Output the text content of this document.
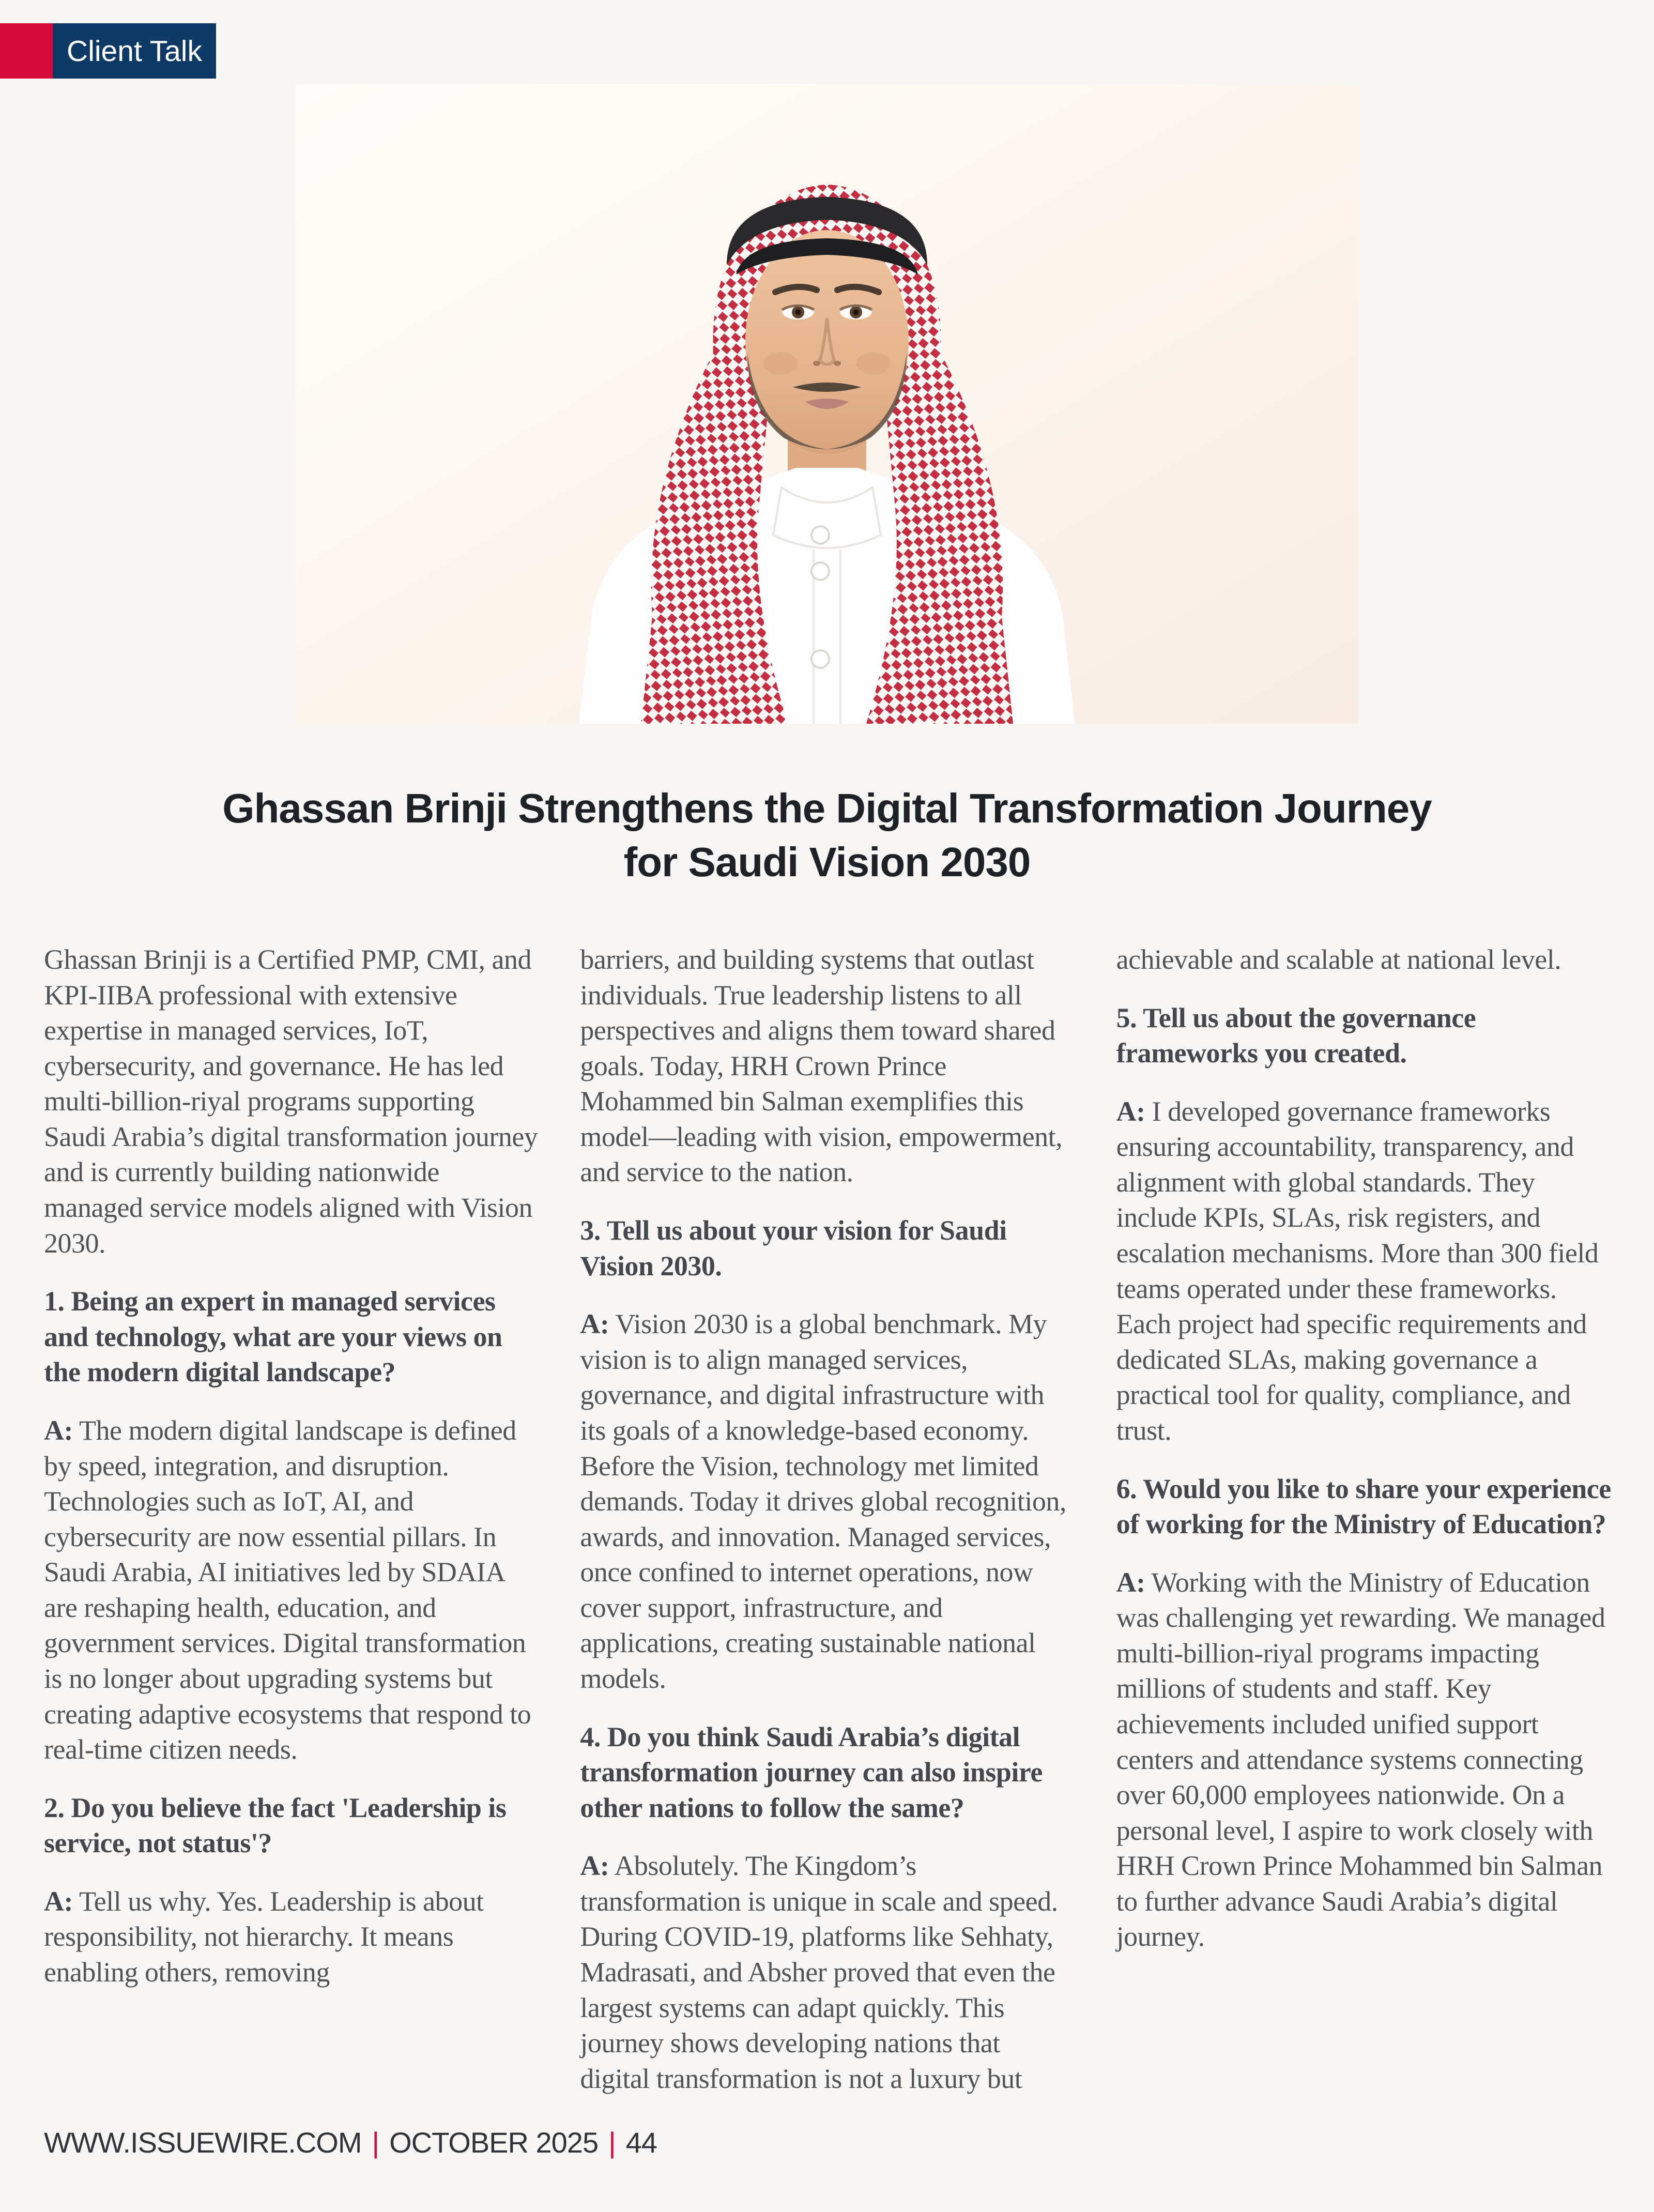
Client Talk
Ghassan Brinji Strengthens the Digital Transformation Journey
for Saudi Vision 2030

Ghassan Brinji is a Certified PMP, CMI, and KPI-IIBA professional with extensive expertise in managed services, IoT, cybersecurity, and governance. He has led multi-billion-riyal programs supporting Saudi Arabia’s digital transformation journey and is currently building nationwide managed service models aligned with Vision 2030.

1. Being an expert in managed services and technology, what are your views on the modern digital landscape?

A: The modern digital landscape is defined by speed, integration, and disruption. Technologies such as IoT, AI, and cybersecurity are now essential pillars. In Saudi Arabia, AI initiatives led by SDAIA are reshaping health, education, and government services. Digital transformation is no longer about upgrading systems but creating adaptive ecosystems that respond to real-time citizen needs.

2. Do you believe the fact 'Leadership is service, not status'?

A: Tell us why. Yes. Leadership is about responsibility, not hierarchy. It means enabling others, removing

barriers, and building systems that outlast individuals. True leadership listens to all perspectives and aligns them toward shared goals. Today, HRH Crown Prince Mohammed bin Salman exemplifies this model—leading with vision, empowerment, and service to the nation.

3. Tell us about your vision for Saudi Vision 2030.

A: Vision 2030 is a global benchmark. My vision is to align managed services, governance, and digital infrastructure with its goals of a knowledge-based economy. Before the Vision, technology met limited demands. Today it drives global recognition, awards, and innovation. Managed services, once confined to internet operations, now cover support, infrastructure, and applications, creating sustainable national models.

4. Do you think Saudi Arabia’s digital transformation journey can also inspire other nations to follow the same?

A: Absolutely. The Kingdom’s transformation is unique in scale and speed. During COVID-19, platforms like Sehhaty, Madrasati, and Absher proved that even the largest systems can adapt quickly. This journey shows developing nations that digital transformation is not a luxury but

achievable and scalable at national level.

5. Tell us about the governance frameworks you created.

A: I developed governance frameworks ensuring accountability, transparency, and alignment with global standards. They include KPIs, SLAs, risk registers, and escalation mechanisms. More than 300 field teams operated under these frameworks. Each project had specific requirements and dedicated SLAs, making governance a practical tool for quality, compliance, and trust.

6. Would you like to share your experience of working for the Ministry of Education?

A: Working with the Ministry of Education was challenging yet rewarding. We managed multi-billion-riyal programs impacting millions of students and staff. Key achievements included unified support centers and attendance systems connecting over 60,000 employees nationwide. On a personal level, I aspire to work closely with HRH Crown Prince Mohammed bin Salman to further advance Saudi Arabia’s digital journey.

WWW.ISSUEWIRE.COM | OCTOBER 2025 | 44
